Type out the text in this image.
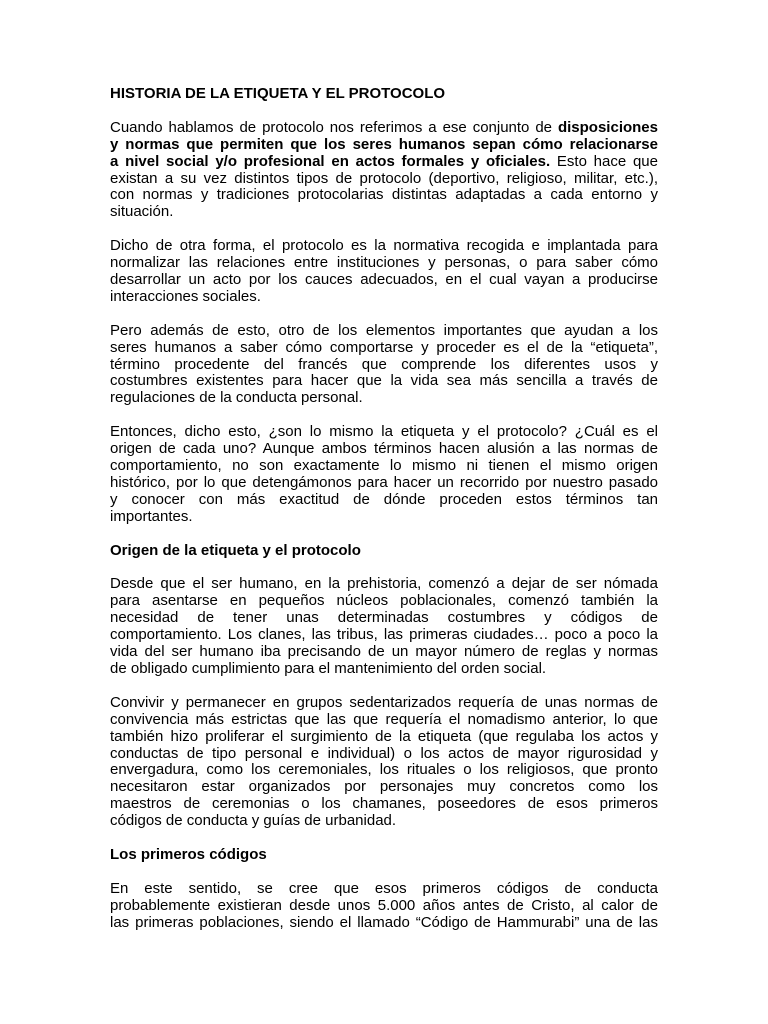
HISTORIA DE LA ETIQUETA Y EL PROTOCOLO
Cuando hablamos de protocolo nos referimos a ese conjunto de disposiciones
y normas que permiten que los seres humanos sepan cómo relacionarse
a nivel social y/o profesional en actos formales y oficiales. Esto hace que
existan a su vez distintos tipos de protocolo (deportivo, religioso, militar, etc.),
con normas y tradiciones protocolarias distintas adaptadas a cada entorno y
situación.
Dicho de otra forma, el protocolo es la normativa recogida e implantada para
normalizar las relaciones entre instituciones y personas, o para saber cómo
desarrollar un acto por los cauces adecuados, en el cual vayan a producirse
interacciones sociales.
Pero además de esto, otro de los elementos importantes que ayudan a los
seres humanos a saber cómo comportarse y proceder es el de la “etiqueta”,
término procedente del francés que comprende los diferentes usos y
costumbres existentes para hacer que la vida sea más sencilla a través de
regulaciones de la conducta personal.
Entonces, dicho esto, ¿son lo mismo la etiqueta y el protocolo? ¿Cuál es el
origen de cada uno? Aunque ambos términos hacen alusión a las normas de
comportamiento, no son exactamente lo mismo ni tienen el mismo origen
histórico, por lo que detengámonos para hacer un recorrido por nuestro pasado
y conocer con más exactitud de dónde proceden estos términos tan
importantes.
Origen de la etiqueta y el protocolo
Desde que el ser humano, en la prehistoria, comenzó a dejar de ser nómada
para asentarse en pequeños núcleos poblacionales, comenzó también la
necesidad de tener unas determinadas costumbres y códigos de
comportamiento. Los clanes, las tribus, las primeras ciudades… poco a poco la
vida del ser humano iba precisando de un mayor número de reglas y normas
de obligado cumplimiento para el mantenimiento del orden social.
Convivir y permanecer en grupos sedentarizados requería de unas normas de
convivencia más estrictas que las que requería el nomadismo anterior, lo que
también hizo proliferar el surgimiento de la etiqueta (que regulaba los actos y
conductas de tipo personal e individual) o los actos de mayor rigurosidad y
envergadura, como los ceremoniales, los rituales o los religiosos, que pronto
necesitaron estar organizados por personajes muy concretos como los
maestros de ceremonias o los chamanes, poseedores de esos primeros
códigos de conducta y guías de urbanidad.
Los primeros códigos
En este sentido, se cree que esos primeros códigos de conducta
probablemente existieran desde unos 5.000 años antes de Cristo, al calor de
las primeras poblaciones, siendo el llamado “Código de Hammurabi” una de las
